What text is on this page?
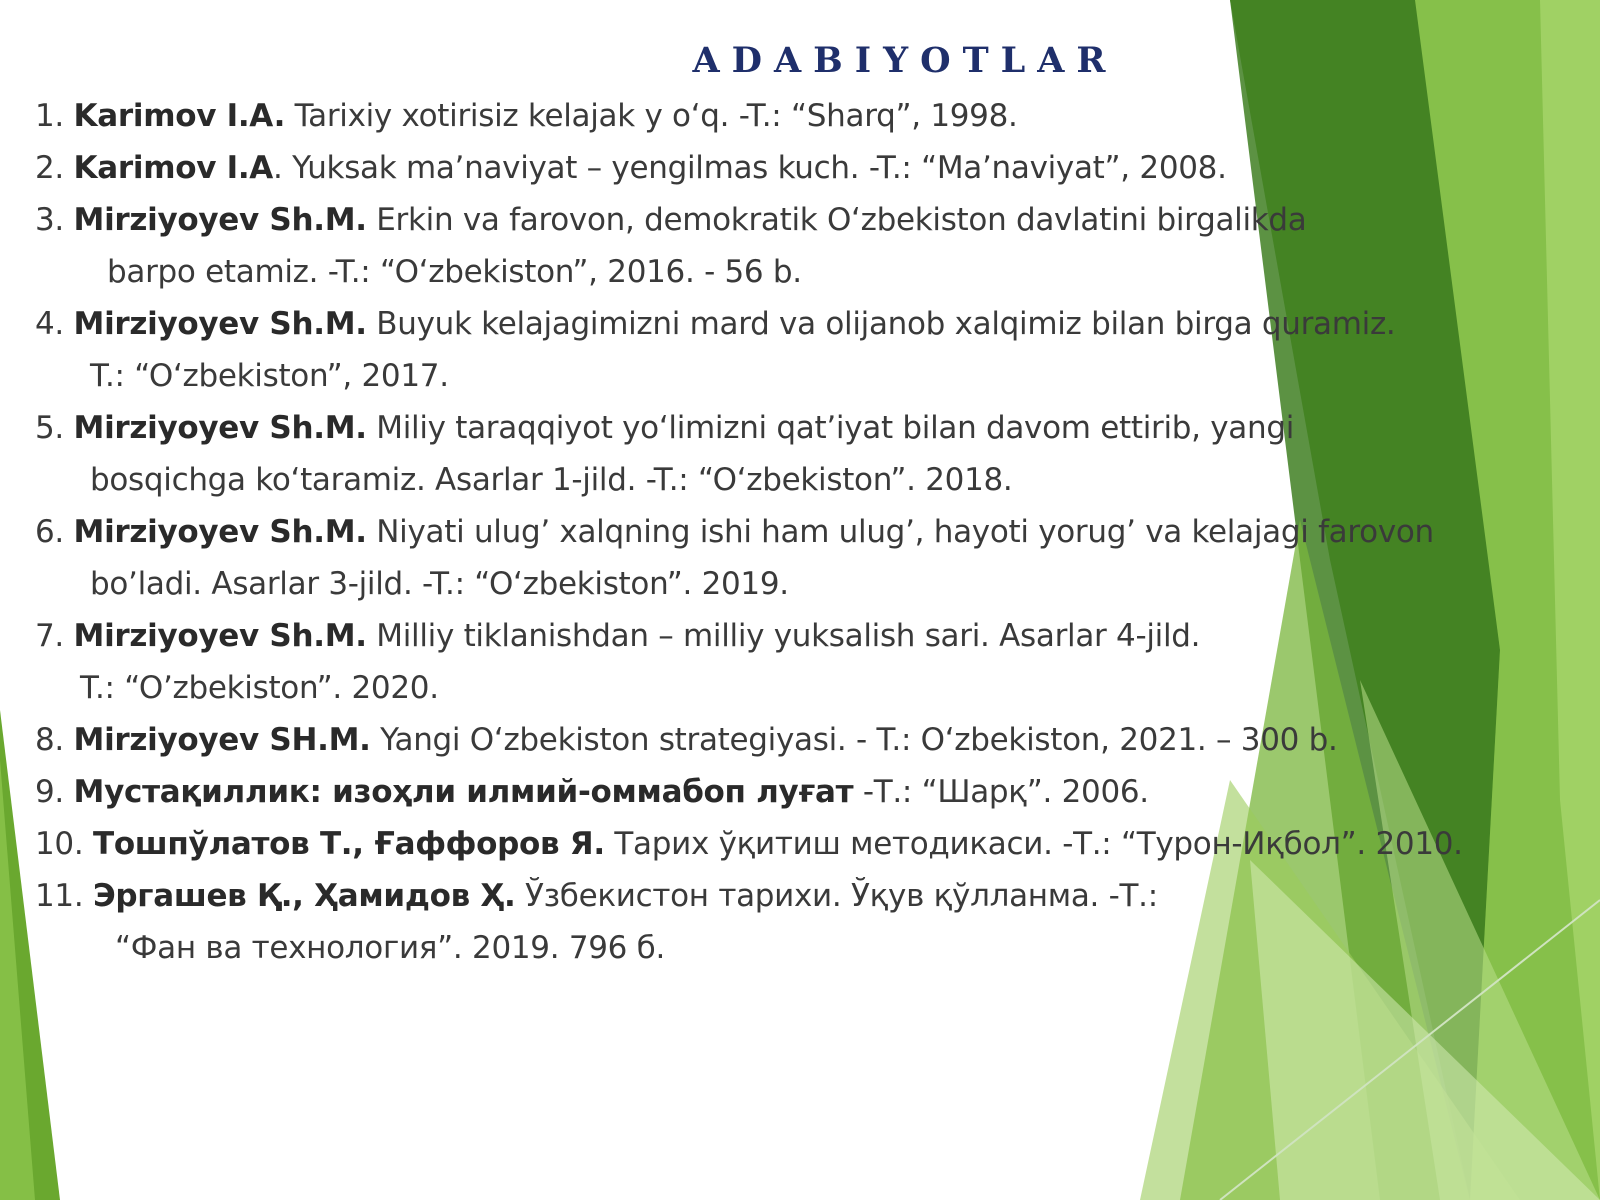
ADABIYOTLAR
1. Karimov I.A. Tarixiy xotirisiz kelajak y o‘q. -T.: “Sharq”, 1998.
2. Karimov I.A. Yuksak ma’naviyat – yengilmas kuch. -T.: “Ma’naviyat”, 2008.
3. Mirziyoyev Sh.M. Erkin va farovon, demokratik O‘zbekiston davlatini birgalikda
barpo etamiz. -T.: “O‘zbekiston”, 2016. - 56 b.
4. Mirziyoyev Sh.M. Buyuk kelajagimizni mard va olijanob xalqimiz bilan birga quramiz.
T.: “O‘zbekiston”, 2017.
5. Mirziyoyev Sh.M. Miliy taraqqiyot yo‘limizni qat’iyat bilan davom ettirib, yangi
bosqichga ko‘taramiz. Asarlar 1-jild. -T.: “O‘zbekiston”. 2018.
6. Mirziyoyev Sh.M. Niyati ulug’ xalqning ishi ham ulug’, hayoti yorug’ va kelajagi farovon
bo’ladi. Asarlar 3-jild. -T.: “O‘zbekiston”. 2019.
7. Mirziyoyev Sh.M. Milliy tiklanishdan – milliy yuksalish sari. Asarlar 4-jild.
T.: “O’zbekiston”. 2020.
8. Mirziyoyev SH.M. Yangi O‘zbekiston strategiyasi. - T.: O‘zbekiston, 2021. – 300 b.
9. Мустақиллик: изоҳли илмий-оммабоп луғат -Т.: “Шарқ”. 2006.
10. Тошпўлатов Т., Ғаффоров Я. Тарих ўқитиш методикаси. -Т.: “Турон-Иқбол”. 2010.
11. Эргашев Қ., Ҳамидов Ҳ. Ўзбекистон тарихи. Ўқув қўлланма. -Т.:
“Фан ва технология”. 2019. 796 б.
